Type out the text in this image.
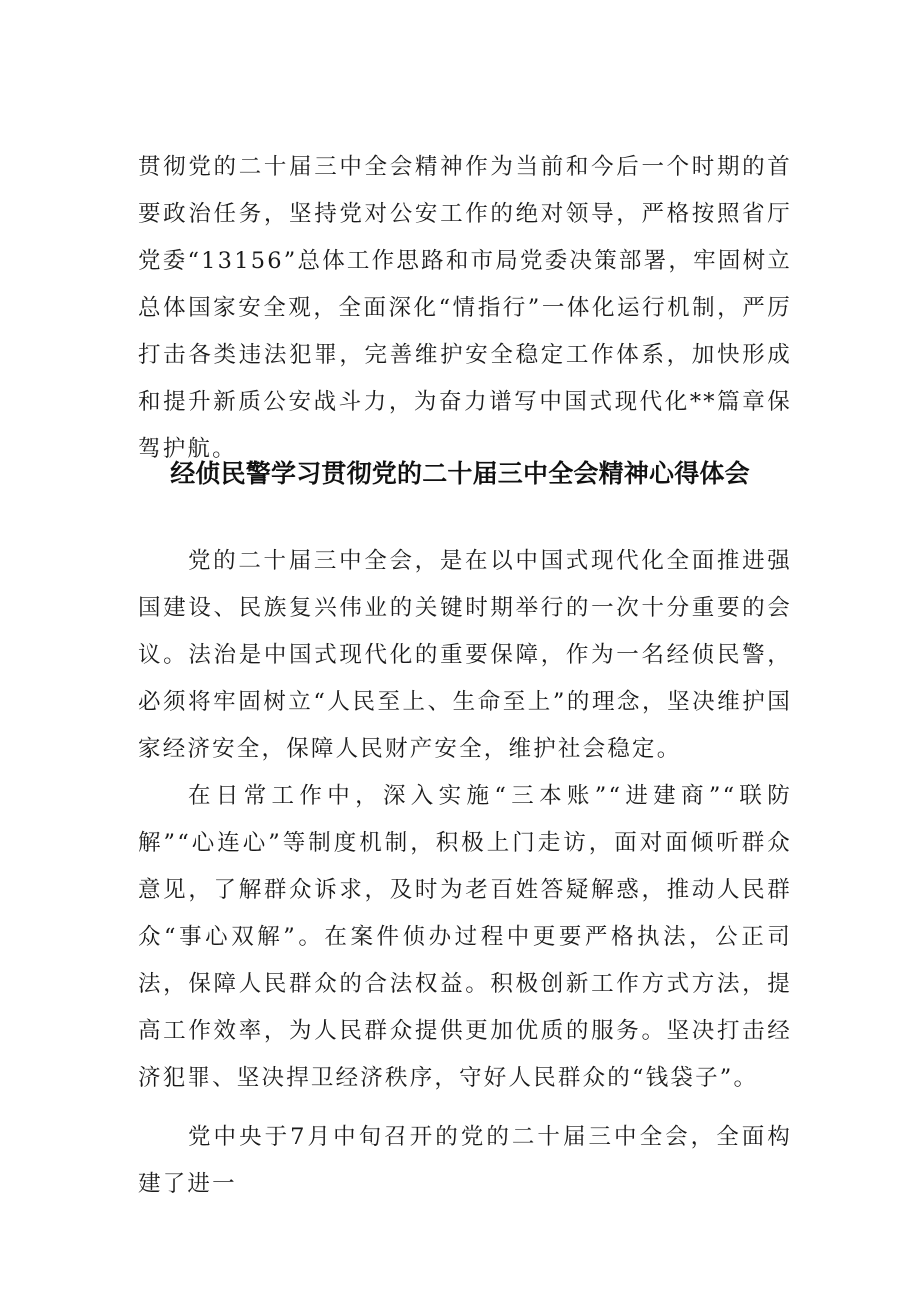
贯彻党的二十届三中全会精神作为当前和今后一个时期的首要政治任务，坚持党对公安工作的绝对领导，严格按照省厅党委“13156”总体工作思路和市局党委决策部署，牢固树立总体国家安全观，全面深化“情指行”一体化运行机制，严厉打击各类违法犯罪，完善维护安全稳定工作体系，加快形成和提升新质公安战斗力，为奋力谱写中国式现代化**篇章保驾护航。

经侦民警学习贯彻党的二十届三中全会精神心得体会

党的二十届三中全会，是在以中国式现代化全面推进强国建设、民族复兴伟业的关键时期举行的一次十分重要的会议。法治是中国式现代化的重要保障，作为一名经侦民警，必须将牢固树立“人民至上、生命至上”的理念，坚决维护国家经济安全，保障人民财产安全，维护社会稳定。

在日常工作中，深入实施“三本账”“进建商”“联防解”“心连心”等制度机制，积极上门走访，面对面倾听群众意见，了解群众诉求，及时为老百姓答疑解惑，推动人民群众“事心双解”。在案件侦办过程中更要严格执法，公正司法，保障人民群众的合法权益。积极创新工作方式方法，提高工作效率，为人民群众提供更加优质的服务。坚决打击经济犯罪、坚决捍卫经济秩序，守好人民群众的“钱袋子”。

党中央于7月中旬召开的党的二十届三中全会，全面构建了进一
